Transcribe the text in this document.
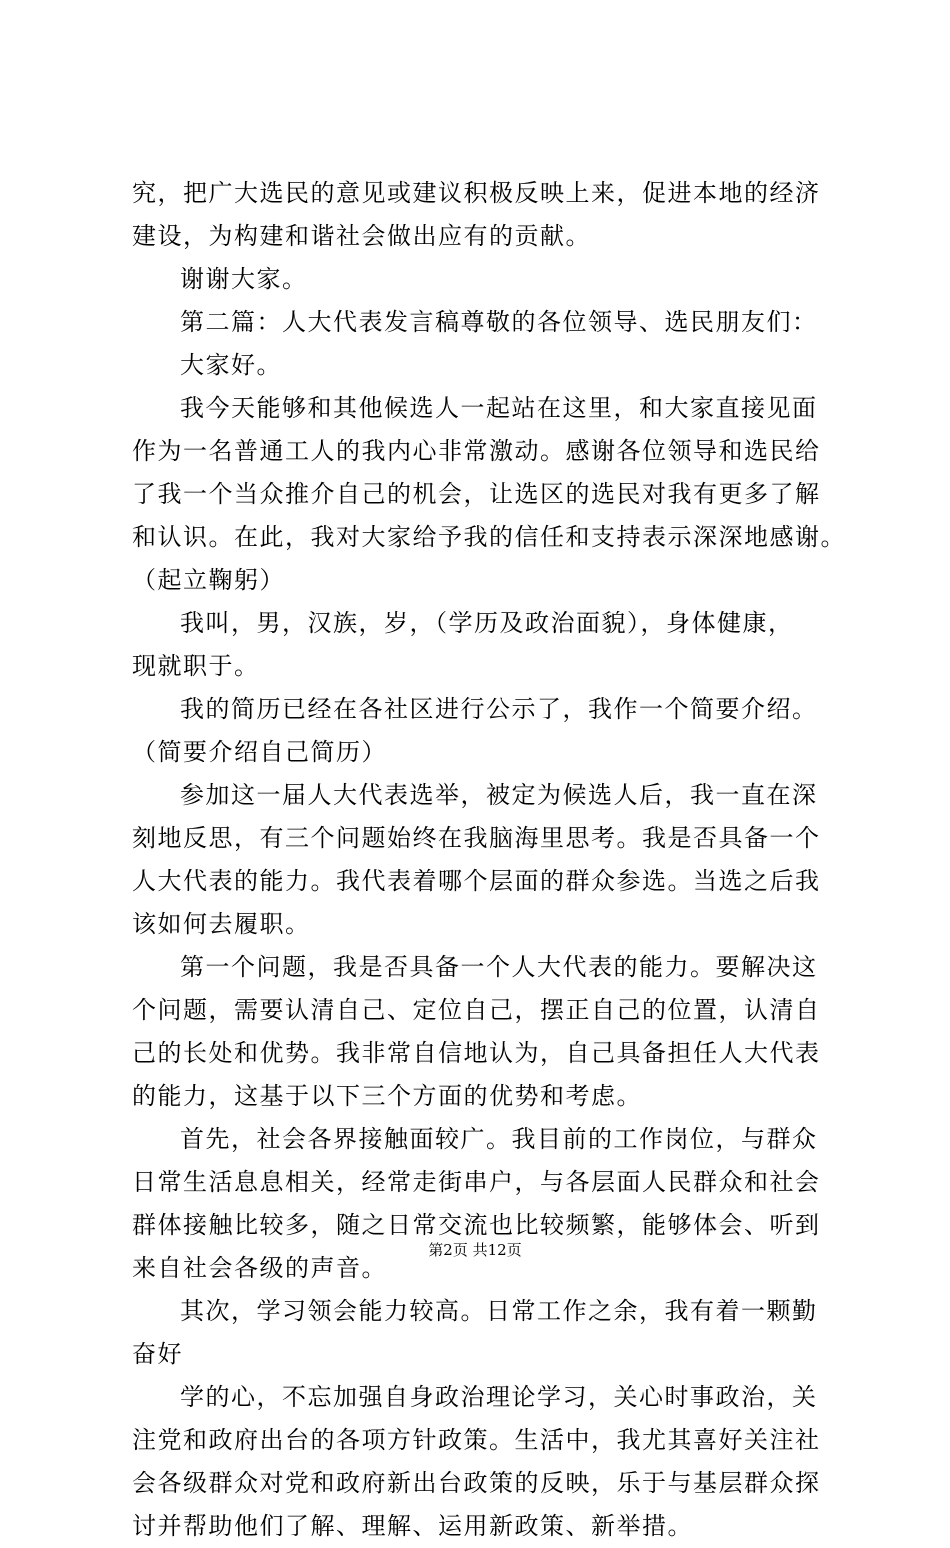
究，把广大选民的意见或建议积极反映上来，促进本地的经济
建设，为构建和谐社会做出应有的贡献。
谢谢大家。
第二篇：人大代表发言稿尊敬的各位领导、选民朋友们：
大家好。
我今天能够和其他候选人一起站在这里，和大家直接见面
作为一名普通工人的我内心非常激动。感谢各位领导和选民给
了我一个当众推介自己的机会，让选区的选民对我有更多了解
和认识。在此，我对大家给予我的信任和支持表示深深地感谢。
（起立鞠躬）
我叫，男，汉族，岁，（学历及政治面貌），身体健康，
现就职于。
我的简历已经在各社区进行公示了，我作一个简要介绍。
（简要介绍自己简历）
参加这一届人大代表选举，被定为候选人后，我一直在深
刻地反思，有三个问题始终在我脑海里思考。我是否具备一个
人大代表的能力。我代表着哪个层面的群众参选。当选之后我
该如何去履职。
第一个问题，我是否具备一个人大代表的能力。要解决这
个问题，需要认清自己、定位自己，摆正自己的位置，认清自
己的长处和优势。我非常自信地认为，自己具备担任人大代表
的能力，这基于以下三个方面的优势和考虑。
首先，社会各界接触面较广。我目前的工作岗位，与群众
日常生活息息相关，经常走街串户，与各层面人民群众和社会
群体接触比较多，随之日常交流也比较频繁，能够体会、听到
来自社会各级的声音。
其次，学习领会能力较高。日常工作之余，我有着一颗勤
奋好
学的心，不忘加强自身政治理论学习，关心时事政治，关
注党和政府出台的各项方针政策。生活中，我尤其喜好关注社
会各级群众对党和政府新出台政策的反映，乐于与基层群众探
讨并帮助他们了解、理解、运用新政策、新举措。
第2页 共12页
